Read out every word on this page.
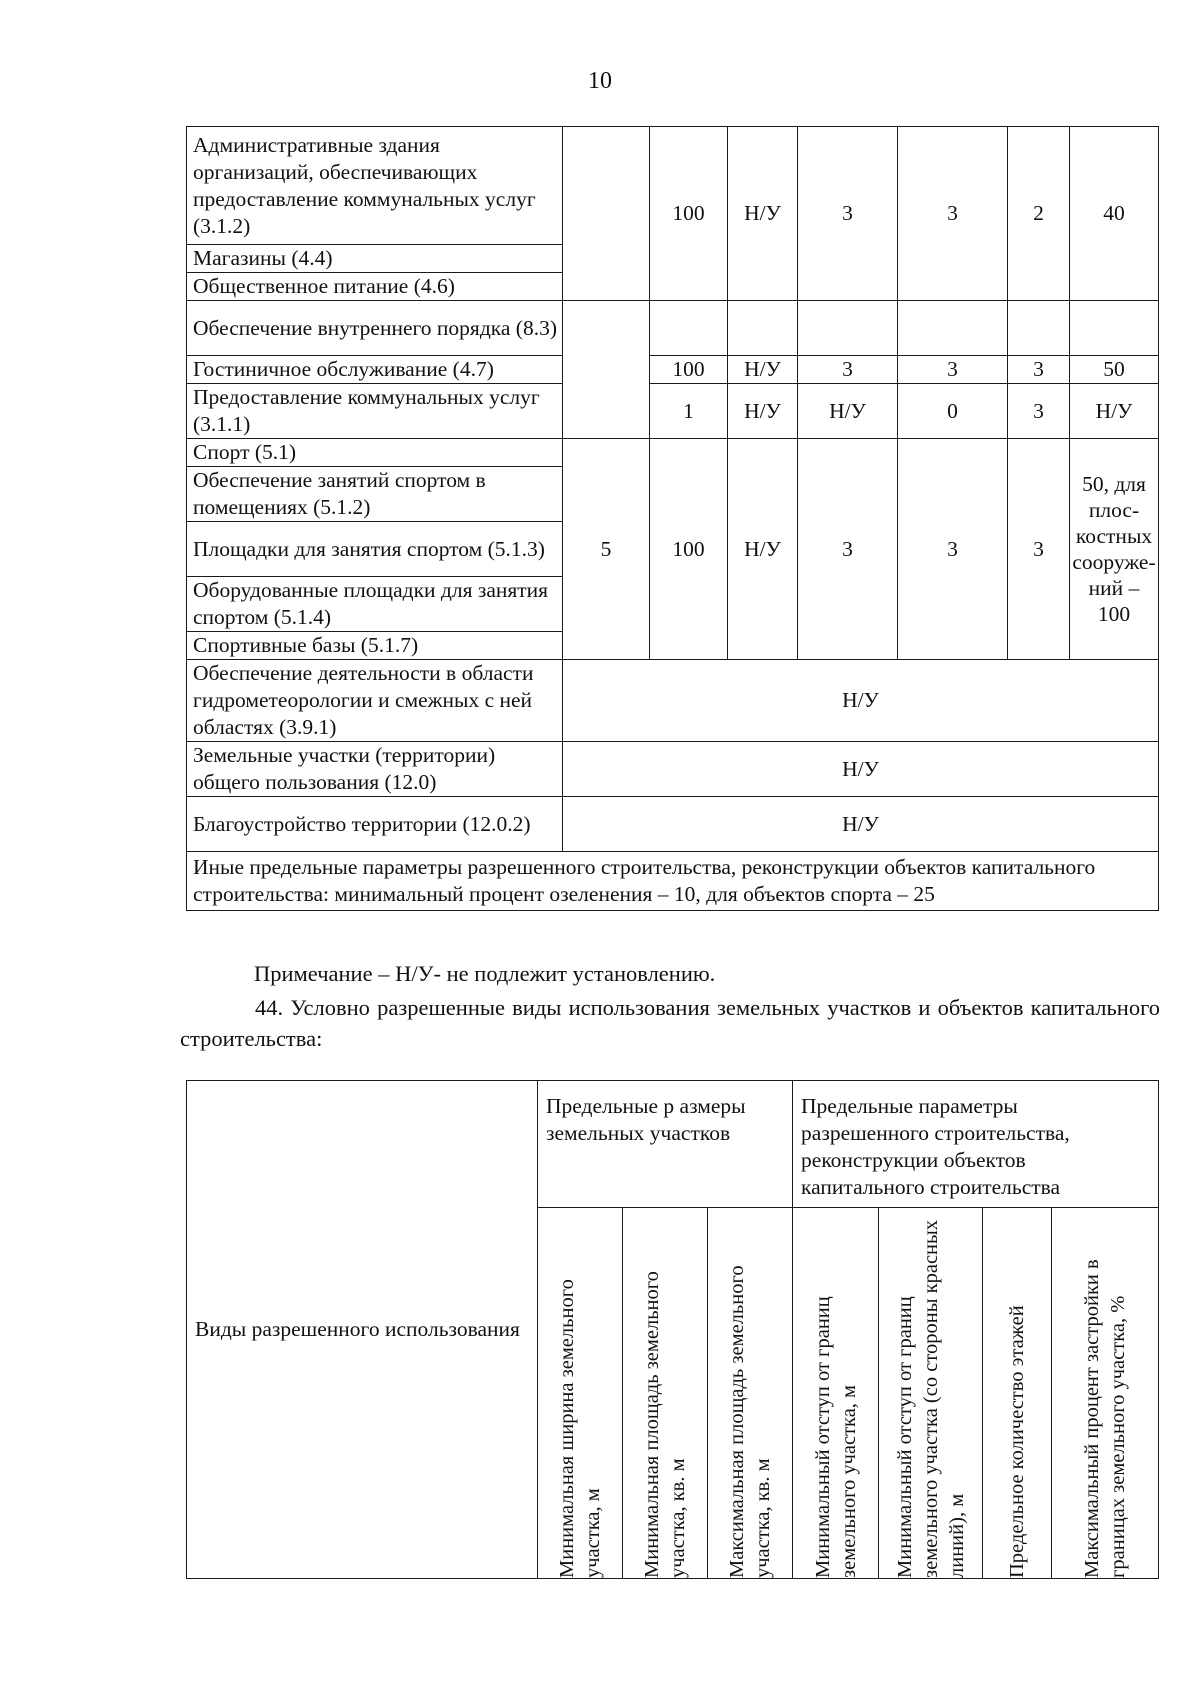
10
Административные здания организаций, обеспечивающих предоставление коммунальных услуг (3.1.2)		100	Н/У	3	3	2	40
Магазины (4.4)							
Общественное питание (4.6)							
Обеспечение внутреннего порядка (8.3)							
Гостиничное обслуживание (4.7)		100	Н/У	3	3	3	50
Предоставление коммунальных услуг (3.1.1)		1	Н/У	Н/У	0	3	Н/У
Спорт (5.1)	5	100	Н/У	3	3	3	50, для плос-костных сооруже-ний – 100
Обеспечение занятий спортом в помещениях (5.1.2)							
Площадки для занятия спортом (5.1.3)							
Оборудованные площадки для занятия спортом (5.1.4)							
Спортивные базы (5.1.7)							
Обеспечение деятельности в области гидрометеорологии и смежных с ней областях (3.9.1)	Н/У						
Земельные участки (территории) общего пользования (12.0)	Н/У						
Благоустройство территории (12.0.2)	Н/У						
Иные предельные параметры разрешенного строительства, реконструкции объектов капитального строительства: минимальный процент озеленения – 10, для объектов спорта – 25							
Примечание – Н/У- не подлежит установлению.
44. Условно разрешенные виды использования земельных участков и объектов капитального строительства:
Виды разрешенного использования	Предельные р азмеры земельных участков			Предельные параметры разрешенного строительства, реконструкции объектов капитального строительства			

	Минимальная ширина земельного участка, м	Минимальная площадь земельного участка, кв. м	Максимальная площадь земельного участка, кв. м	Минимальный отступ от границ земельного участка, м	Минимальный отступ от границ земельного участка (со стороны красных линий), м	Предельное количество этажей	Максимальный процент застройки в границах земельного участка, %
